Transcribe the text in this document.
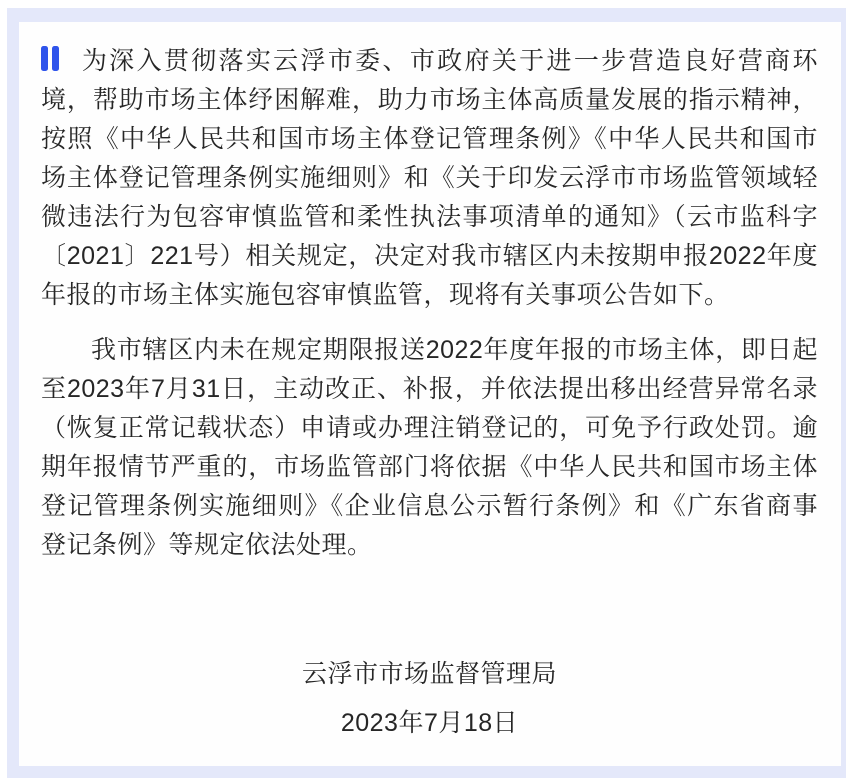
为深入贯彻落实云浮市委、市政府关于进一步营造良好营商环境，帮助市场主体纾困解难，助力市场主体高质量发展的指示精神，按照《中华人民共和国市场主体登记管理条例》《中华人民共和国市场主体登记管理条例实施细则》和《关于印发云浮市市场监管领域轻微违法行为包容审慎监管和柔性执法事项清单的通知》（云市监科字〔2021〕221号）相关规定，决定对我市辖区内未按期申报2022年度年报的市场主体实施包容审慎监管，现将有关事项公告如下。

我市辖区内未在规定期限报送2022年度年报的市场主体，即日起至2023年7月31日，主动改正、补报，并依法提出移出经营异常名录（恢复正常记载状态）申请或办理注销登记的，可免予行政处罚。逾期年报情节严重的，市场监管部门将依据《中华人民共和国市场主体登记管理条例实施细则》《企业信息公示暂行条例》和《广东省商事登记条例》等规定依法处理。

云浮市市场监督管理局

2023年7月18日
